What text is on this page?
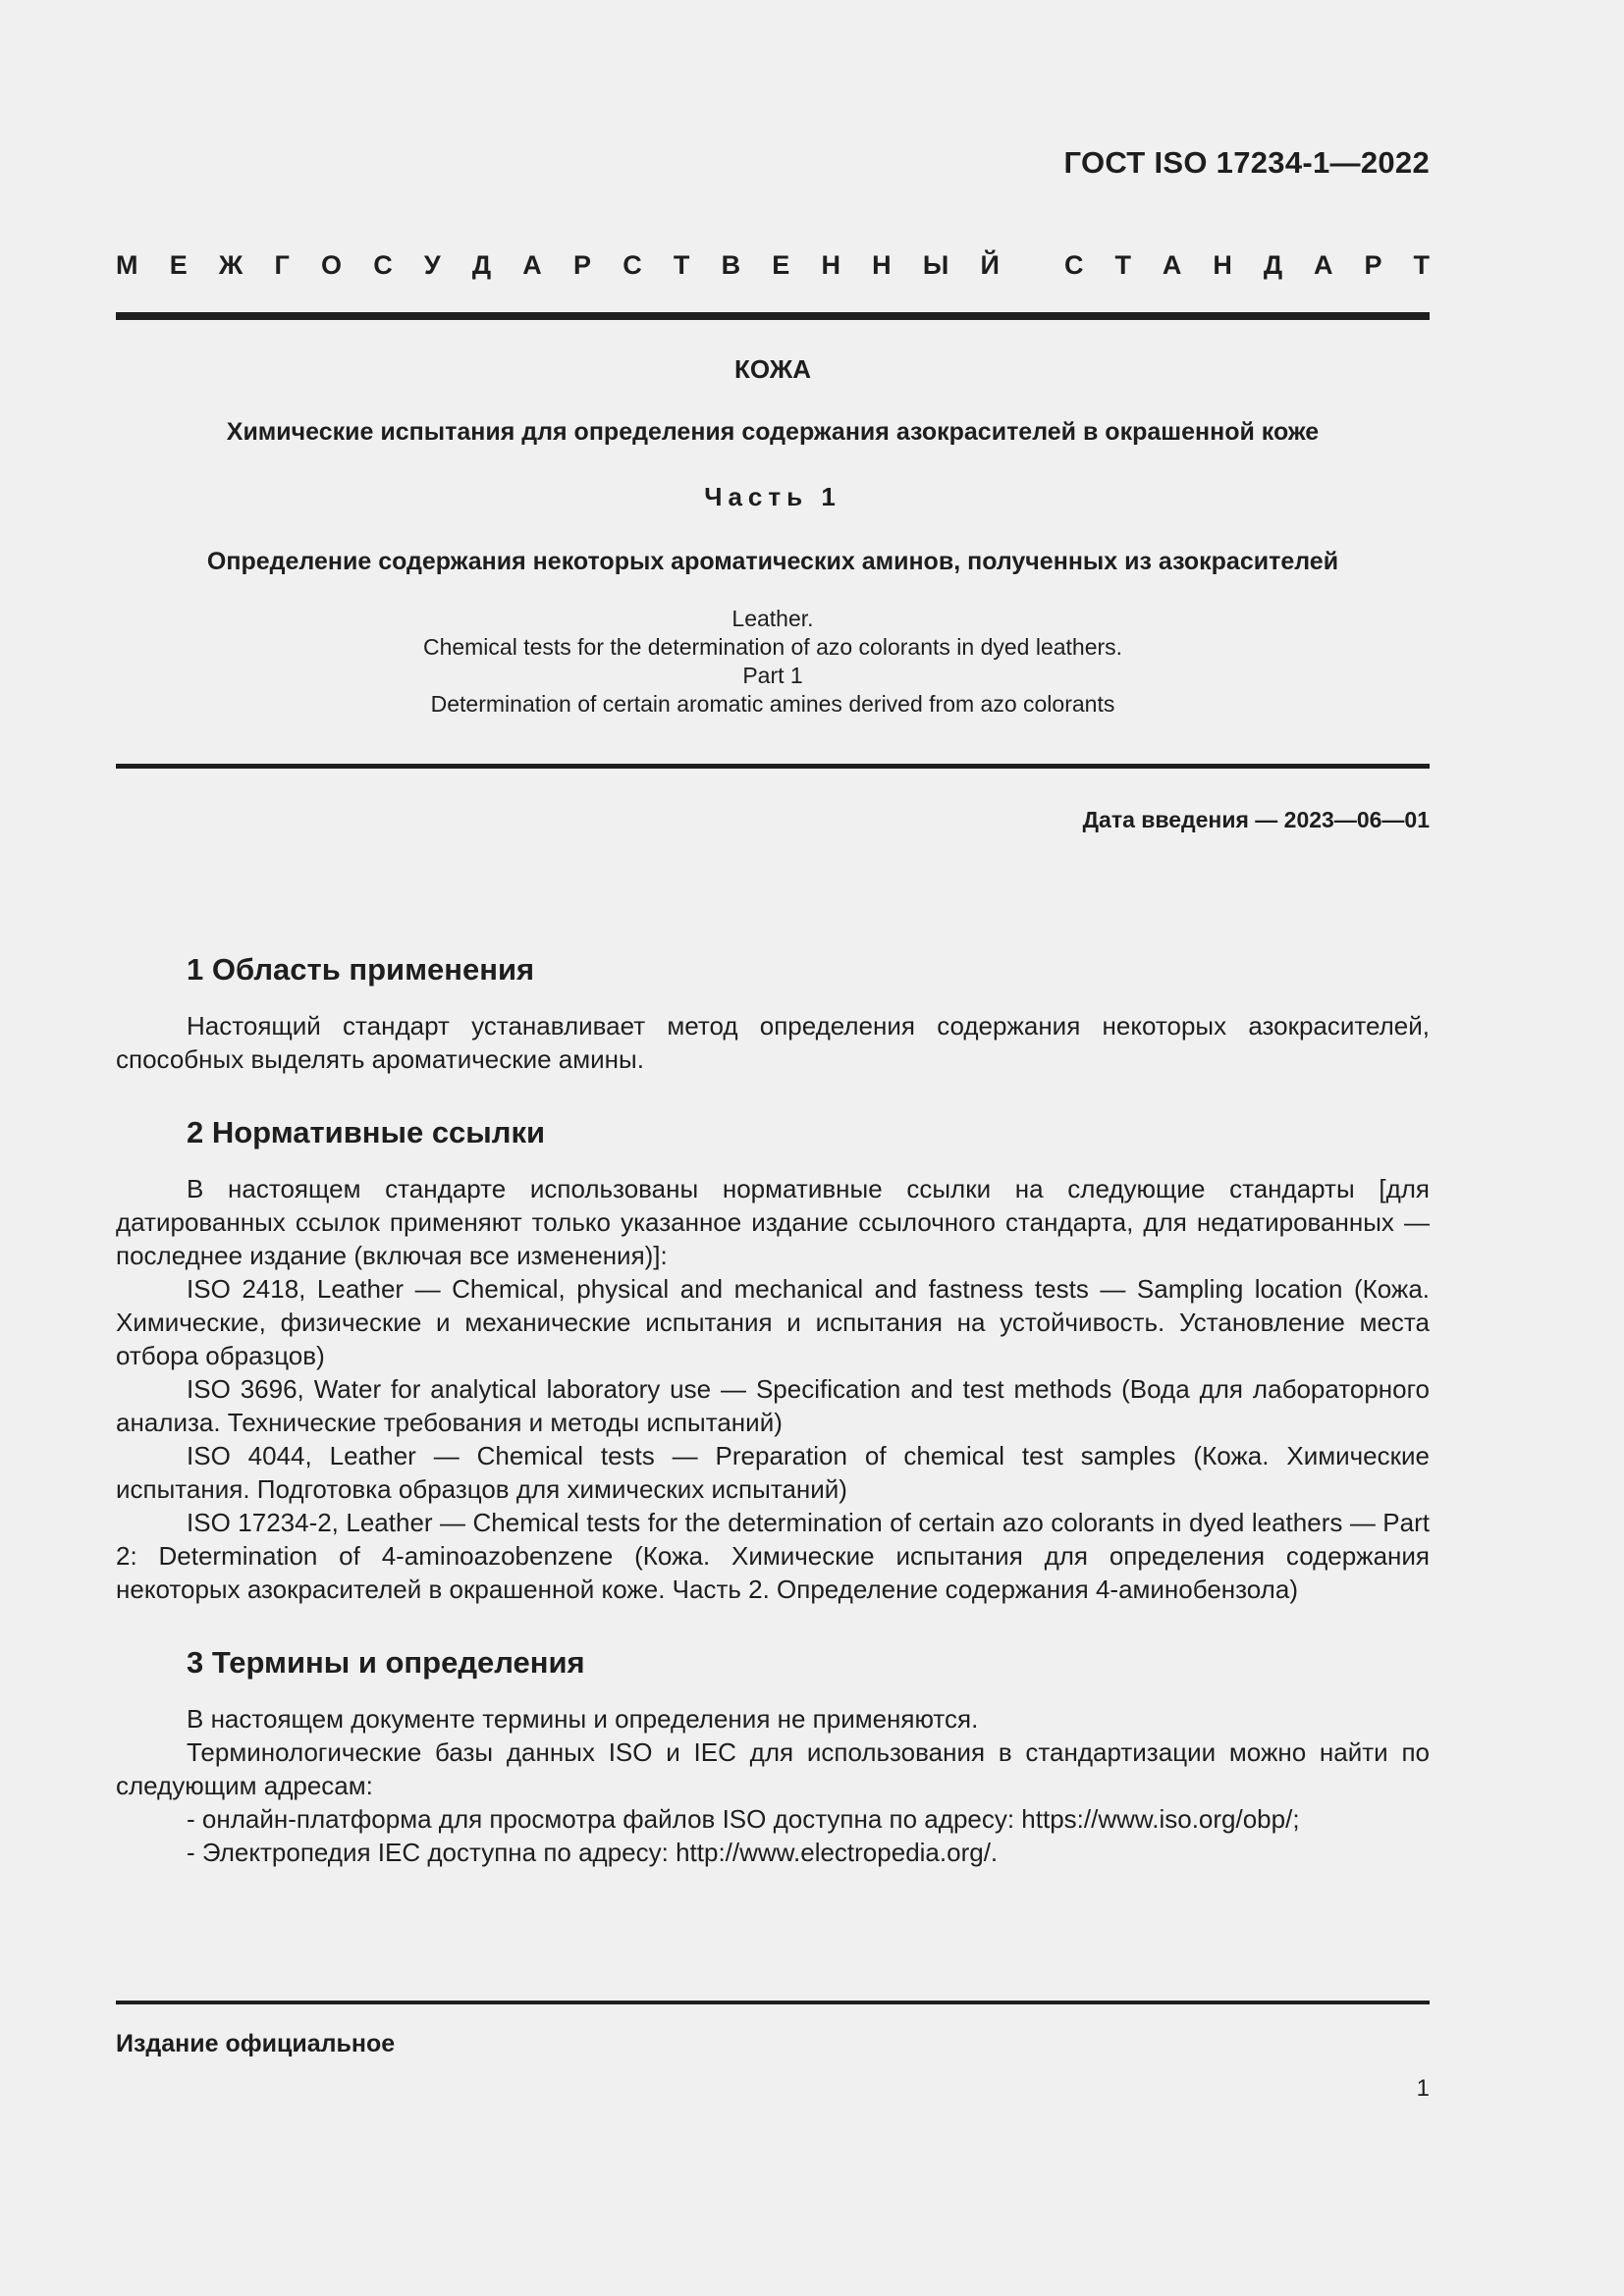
ГОСТ ISO 17234-1—2022
М Е Ж Г О С У Д А Р С Т В Е Н Н Ы Й С Т А Н Д А Р Т
КОЖА
Химические испытания для определения содержания азокрасителей в окрашенной коже
Часть 1
Определение содержания некоторых ароматических аминов, полученных из азокрасителей
Leather.
Chemical tests for the determination of azo colorants in dyed leathers.
Part 1
Determination of certain aromatic amines derived from azo colorants
Дата введения — 2023—06—01
1 Область применения

Настоящий стандарт устанавливает метод определения содержания некоторых азокрасителей, способных выделять ароматические амины.

2 Нормативные ссылки

В настоящем стандарте использованы нормативные ссылки на следующие стандарты [для датированных ссылок применяют только указанное издание ссылочного стандарта, для недатированных — последнее издание (включая все изменения)]:

ISO 2418, Leather — Chemical, physical and mechanical and fastness tests — Sampling location (Кожа. Химические, физические и механические испытания и испытания на устойчивость. Установление места отбора образцов)

ISO 3696, Water for analytical laboratory use — Specification and test methods (Вода для лабораторного анализа. Технические требования и методы испытаний)

ISO 4044, Leather — Chemical tests — Preparation of chemical test samples (Кожа. Химические испытания. Подготовка образцов для химических испытаний)

ISO 17234-2, Leather — Chemical tests for the determination of certain azo colorants in dyed leathers — Part 2: Determination of 4-aminoazobenzene (Кожа. Химические испытания для определения содержания некоторых азокрасителей в окрашенной коже. Часть 2. Определение содержания 4-аминобензола)

3 Термины и определения

В настоящем документе термины и определения не применяются.

Терминологические базы данных ISO и IEC для использования в стандартизации можно найти по следующим адресам:

- онлайн-платформа для просмотра файлов ISO доступна по адресу: https://www.iso.org/obp/;
- Электропедия IEC доступна по адресу: http://www.electropedia.org/.
Издание официальное
1
